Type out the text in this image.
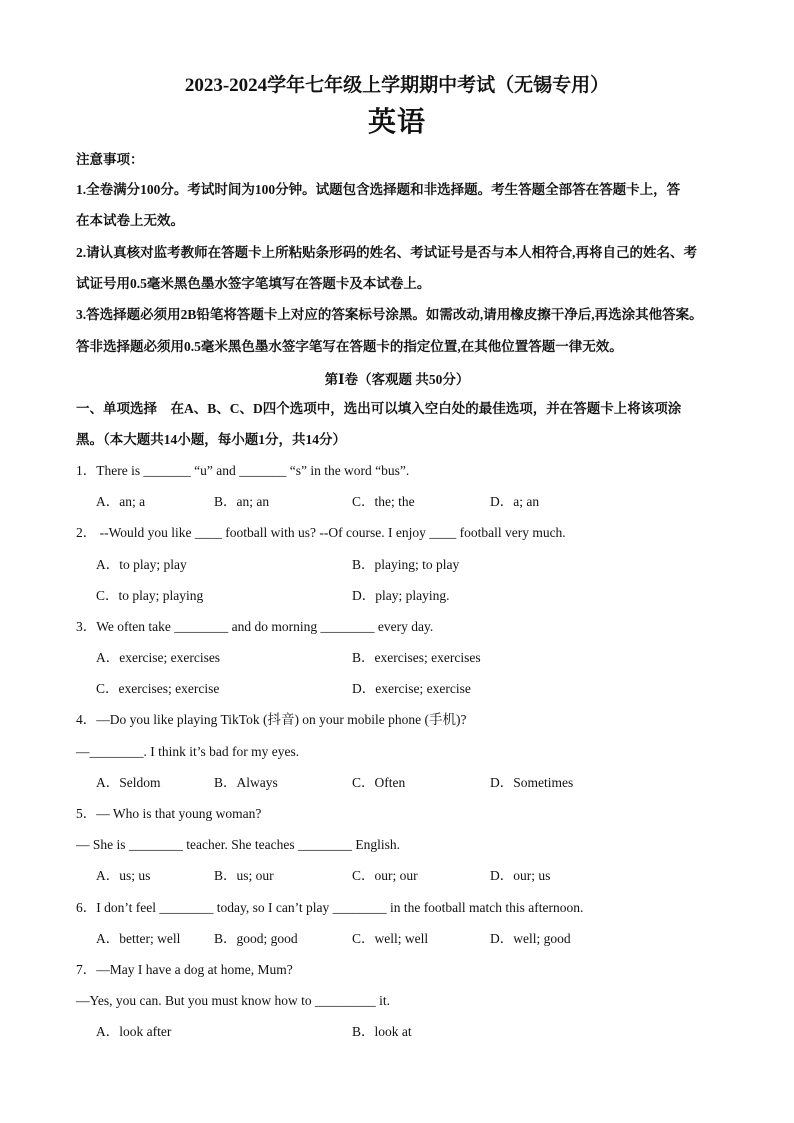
2023-2024学年七年级上学期期中考试（无锡专用）
英语
注意事项：
1.全卷满分100分。考试时间为100分钟。试题包含选择题和非选择题。考生答题全部答在答题卡上，答
在本试卷上无效。
2.请认真核对监考教师在答题卡上所粘贴条形码的姓名、考试证号是否与本人相符合,再将自己的姓名、考
试证号用0.5毫米黑色墨水签字笔填写在答题卡及本试卷上。
3.答选择题必须用2B铅笔将答题卡上对应的答案标号涂黑。如需改动,请用橡皮擦干净后,再选涂其他答案。
答非选择题必须用0.5毫米黑色墨水签字笔写在答题卡的指定位置,在其他位置答题一律无效。
第Ⅰ卷（客观题 共50分）
一、单项选择　在A、B、C、D四个选项中，选出可以填入空白处的最佳选项，并在答题卡上将该项涂
黑。（本大题共14小题，每小题1分，共14分）
1．There is _______ “u” and _______ “s” in the word “bus”.
A．an; a	B．an; an	C．the; the	D．a; an
2． --Would you like ____ football with us? --Of course. I enjoy ____ football very much.
A．to play; play	B．playing; to play
C．to play; playing	D．play; playing.
3．We often take ________ and do morning ________ every day.
A．exercise; exercises	B．exercises; exercises
C．exercises; exercise	D．exercise; exercise
4．—Do you like playing TikTok (抖音) on your mobile phone (手机)?
—________. I think it’s bad for my eyes.
A．Seldom	B．Always	C．Often	D．Sometimes
5．— Who is that young woman?
— She is ________ teacher. She teaches ________ English.
A．us; us	B．us; our	C．our; our	D．our; us
6．I don’t feel ________ today, so I can’t play ________ in the football match this afternoon.
A．better; well B．good; good	C．well; well	D．well; good
7．—May I have a dog at home, Mum?
—Yes, you can. But you must know how to _________ it.
A．look after	B．look at
